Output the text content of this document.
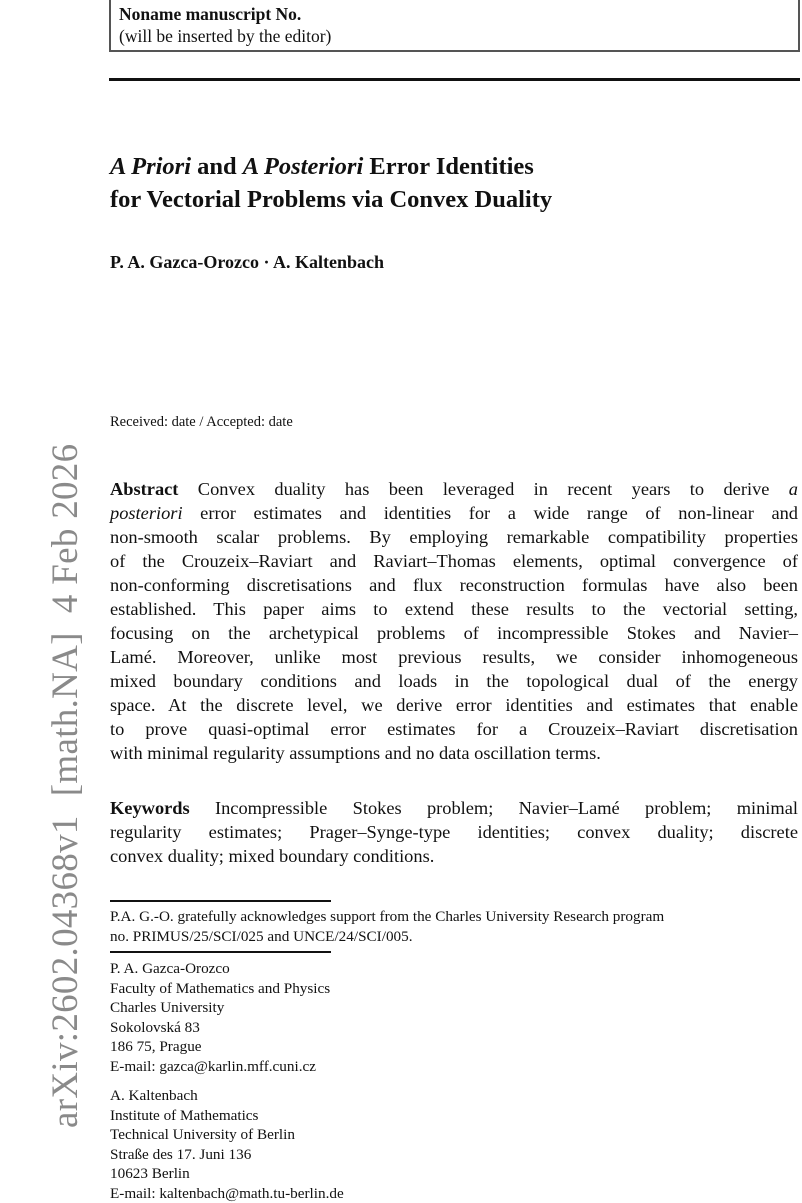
Noname manuscript No.
(will be inserted by the editor)
A Priori and A Posteriori Error Identities
for Vectorial Problems via Convex Duality
P. A. Gazca-Orozco · A. Kaltenbach
Received: date / Accepted: date
Abstract Convex duality has been leveraged in recent years to derive a
posteriori error estimates and identities for a wide range of non-linear and
non-smooth scalar problems. By employing remarkable compatibility properties
of the Crouzeix–Raviart and Raviart–Thomas elements, optimal convergence of
non-conforming discretisations and flux reconstruction formulas have also been
established. This paper aims to extend these results to the vectorial setting,
focusing on the archetypical problems of incompressible Stokes and Navier–
Lamé. Moreover, unlike most previous results, we consider inhomogeneous
mixed boundary conditions and loads in the topological dual of the energy
space. At the discrete level, we derive error identities and estimates that enable
to prove quasi-optimal error estimates for a Crouzeix–Raviart discretisation
with minimal regularity assumptions and no data oscillation terms.
Keywords Incompressible Stokes problem; Navier–Lamé problem; minimal
regularity estimates; Prager–Synge-type identities; convex duality; discrete
convex duality; mixed boundary conditions.
P.A. G.-O. gratefully acknowledges support from the Charles University Research program
no. PRIMUS/25/SCI/025 and UNCE/24/SCI/005.
P. A. Gazca-Orozco
Faculty of Mathematics and Physics
Charles University
Sokolovská 83
186 75, Prague
E-mail: gazca@karlin.mff.cuni.cz
A. Kaltenbach
Institute of Mathematics
Technical University of Berlin
Straße des 17. Juni 136
10623 Berlin
E-mail: kaltenbach@math.tu-berlin.de
arXiv:2602.04368v1  [math.NA]  4 Feb 2026
